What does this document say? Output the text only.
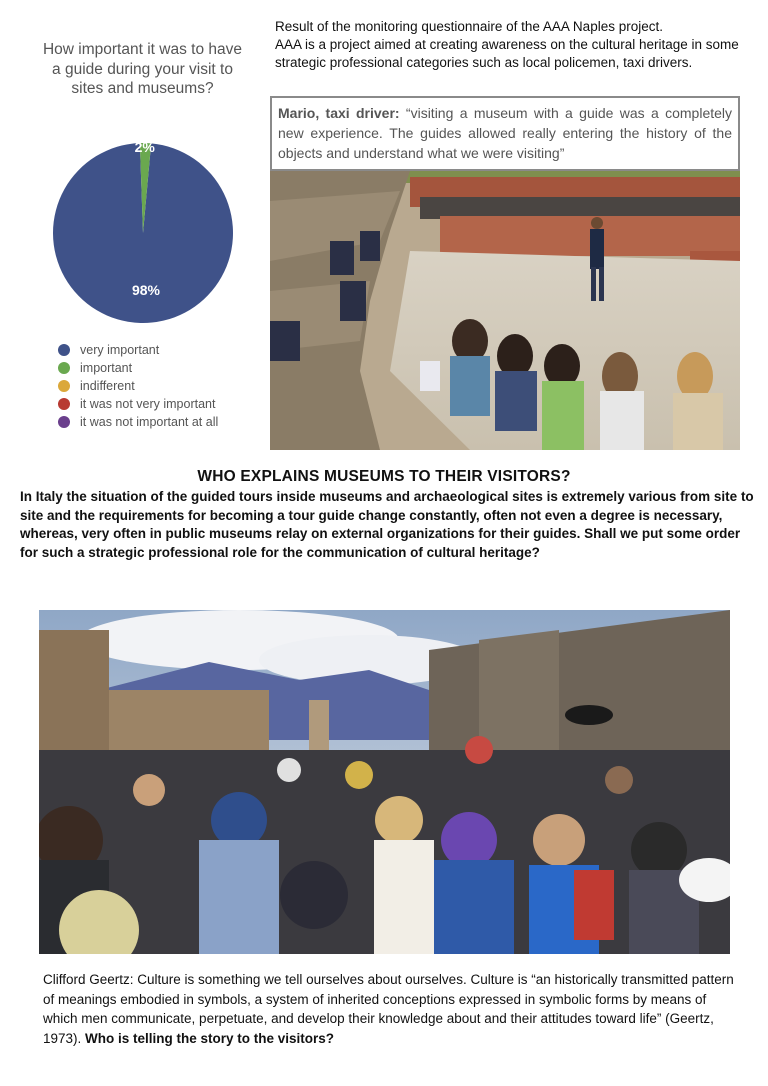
How important it was to have a guide during your visit to sites and museums?
98%
2%
very important
important
indifferent
it was not very important
it was not important at all
Result of the monitoring questionnaire of the AAA Naples project.
AAA is a project aimed at creating awareness on the cultural heritage in some strategic professional categories such as local policemen, taxi drivers.
Mario, taxi driver: “visiting a museum with a guide was a completely new experience. The guides allowed really entering the history of the objects and understand what we were visiting”
WHO EXPLAINS MUSEUMS TO THEIR VISITORS?
In Italy the situation of the guided tours inside museums and archaeological sites is extremely various from site to site and the requirements for becoming a tour guide change constantly, often not even a degree is necessary, whereas, very often in public museums relay on external organizations for their guides. Shall we put some order for such a strategic professional role for the communication of cultural heritage?
Clifford Geertz: Culture is something we tell ourselves about ourselves. Culture is “an historically transmitted pattern of meanings embodied in symbols, a system of inherited conceptions expressed in symbolic forms by means of which men communicate, perpetuate, and develop their knowledge about and their attitudes toward life” (Geertz, 1973). Who is telling the story to the visitors?
